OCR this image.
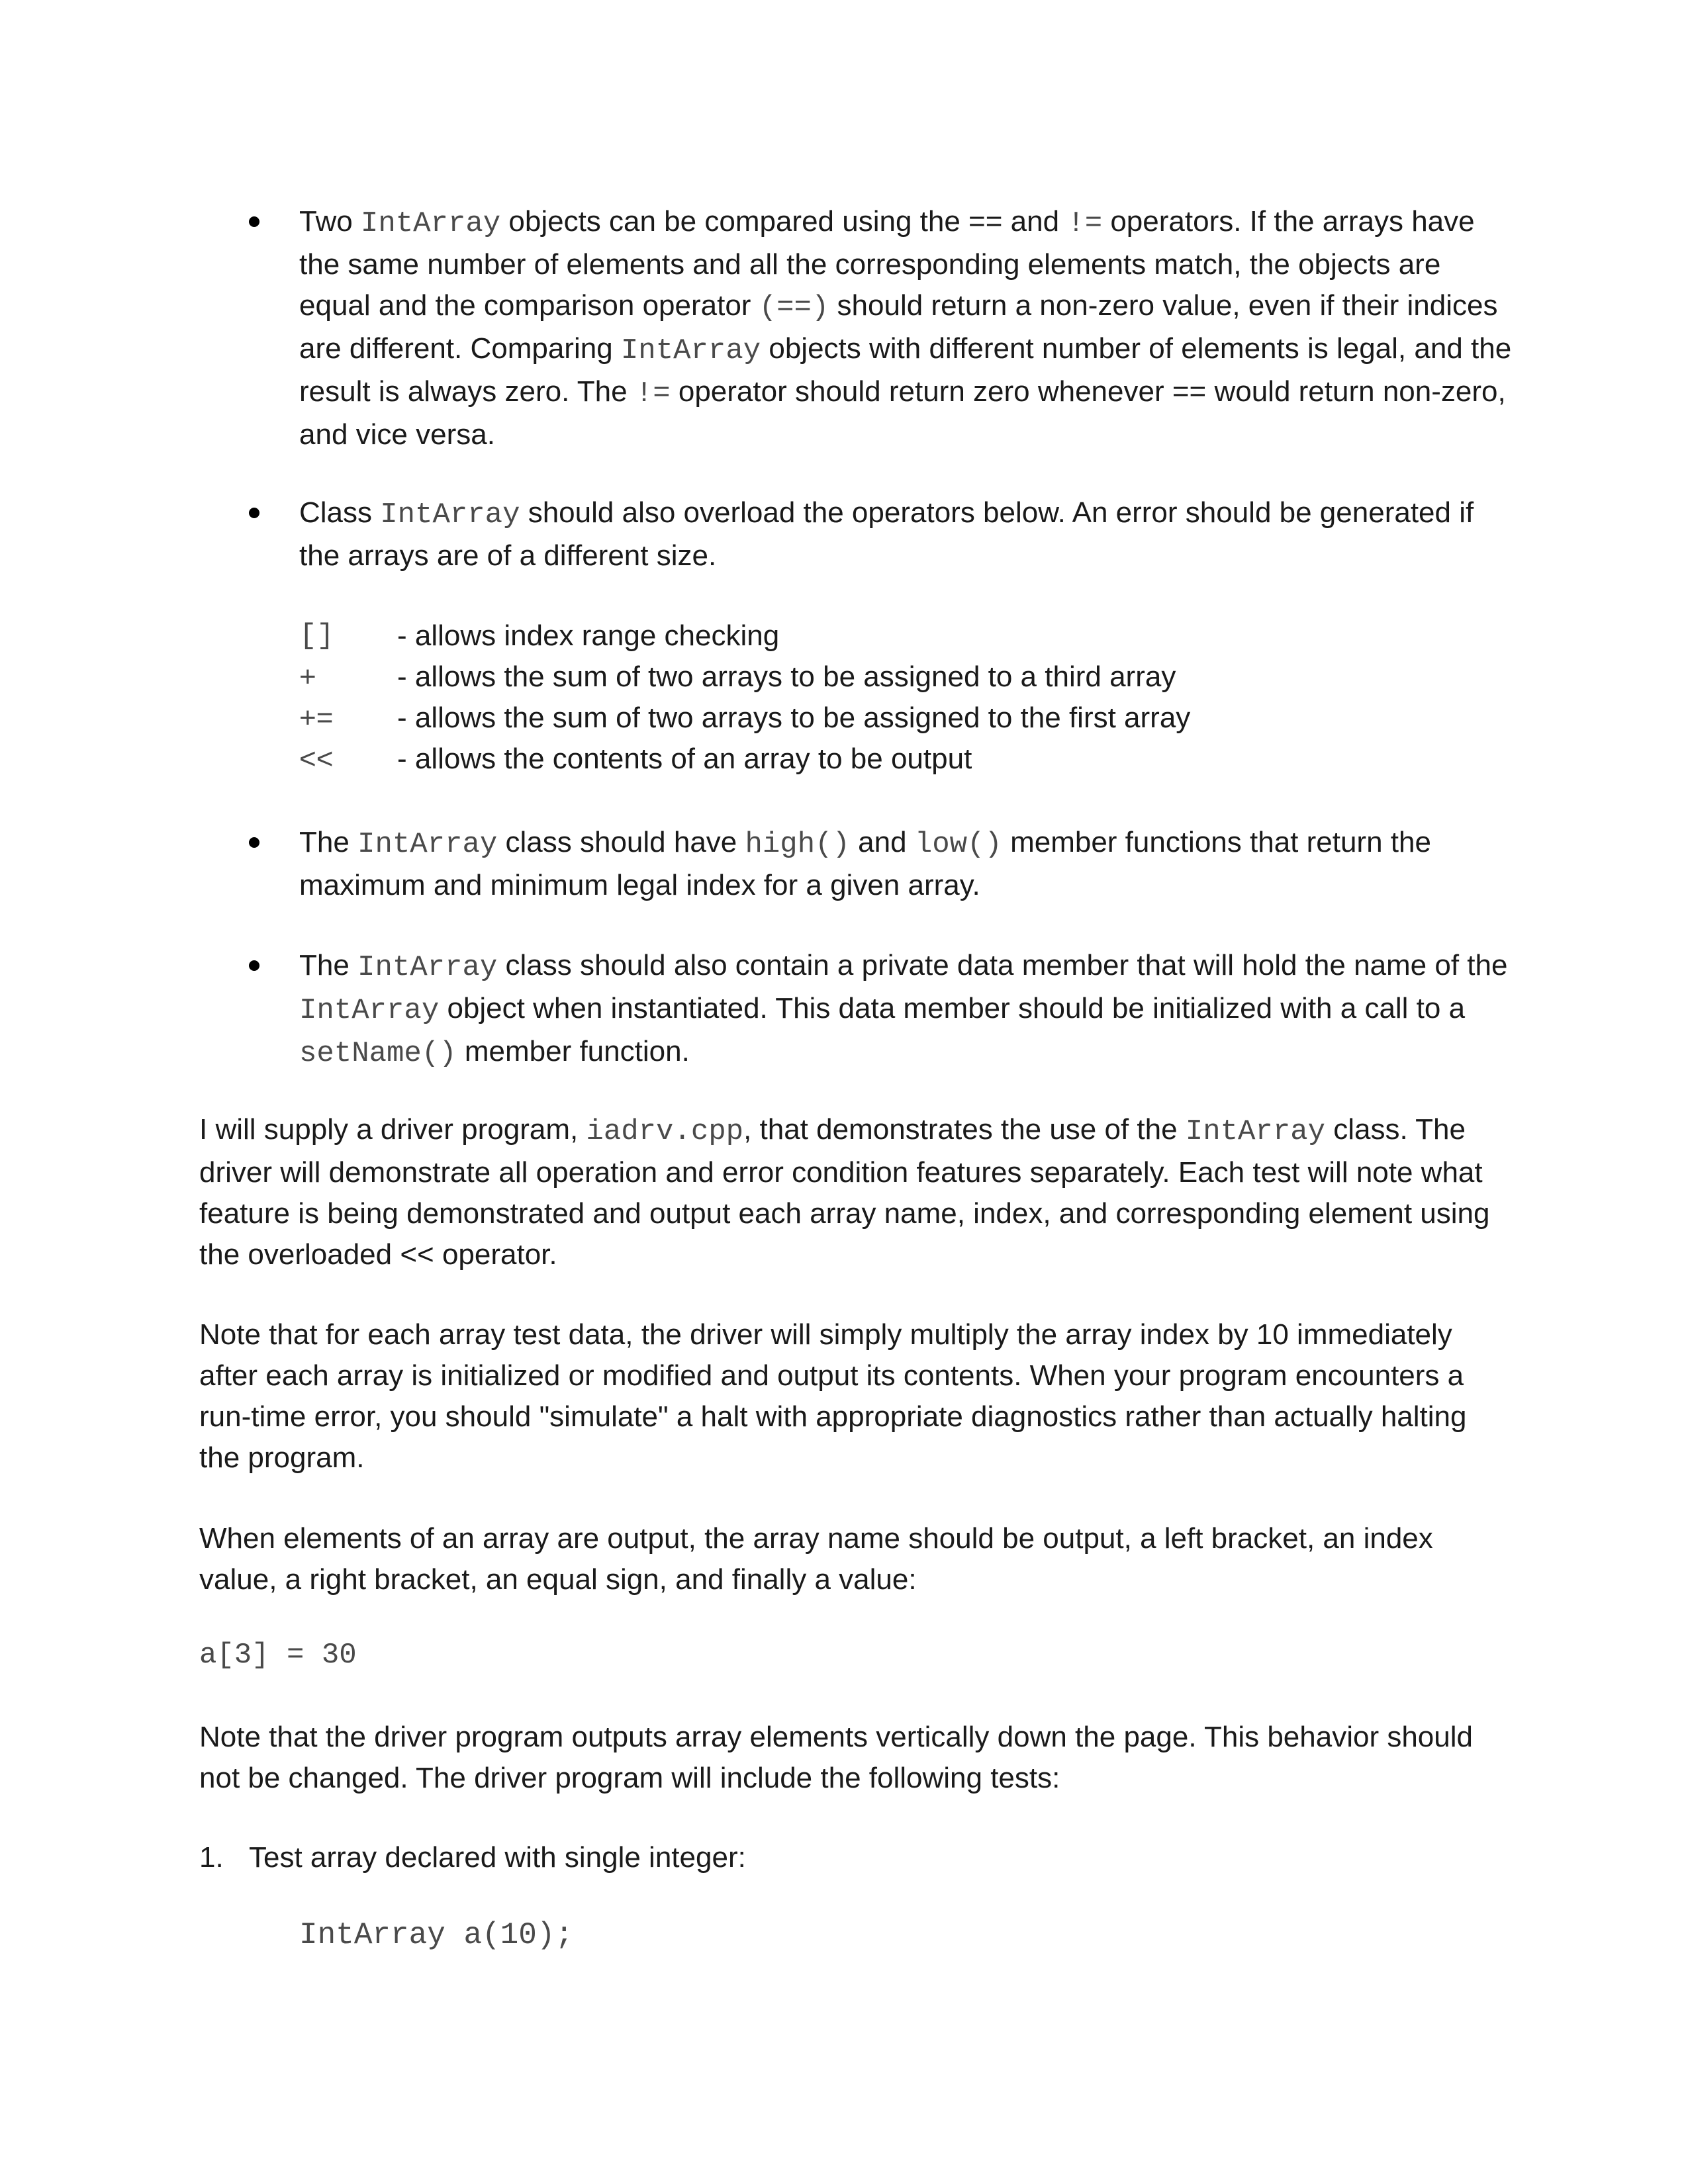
Two IntArray objects can be compared using the == and != operators. If the arrays have the same number of elements and all the corresponding elements match, the objects are equal and the comparison operator (==) should return a non-zero value, even if their indices are different. Comparing IntArray objects with different number of elements is legal, and the result is always zero. The != operator should return zero whenever == would return non-zero, and vice versa.
Class IntArray should also overload the operators below. An error should be generated if the arrays are of a different size.
[] - allows index range checking
+	- allows the sum of two arrays to be assigned to a third array
+= - allows the sum of two arrays to be assigned to the first array
<< - allows the contents of an array to be output
The IntArray class should have high() and low() member functions that return the maximum and minimum legal index for a given array.
The IntArray class should also contain a private data member that will hold the name of the IntArray object when instantiated. This data member should be initialized with a call to a setName() member function.
I will supply a driver program, iadrv.cpp, that demonstrates the use of the IntArray class. The driver will demonstrate all operation and error condition features separately. Each test will note what feature is being demonstrated and output each array name, index, and corresponding element using the overloaded << operator.
Note that for each array test data, the driver will simply multiply the array index by 10 immediately after each array is initialized or modified and output its contents. When your program encounters a run-time error, you should "simulate" a halt with appropriate diagnostics rather than actually halting the program.
When elements of an array are output, the array name should be output, a left bracket, an index value, a right bracket, an equal sign, and finally a value:
a[3] = 30
Note that the driver program outputs array elements vertically down the page. This behavior should not be changed. The driver program will include the following tests:
1. Test array declared with single integer:
IntArray a(10);
